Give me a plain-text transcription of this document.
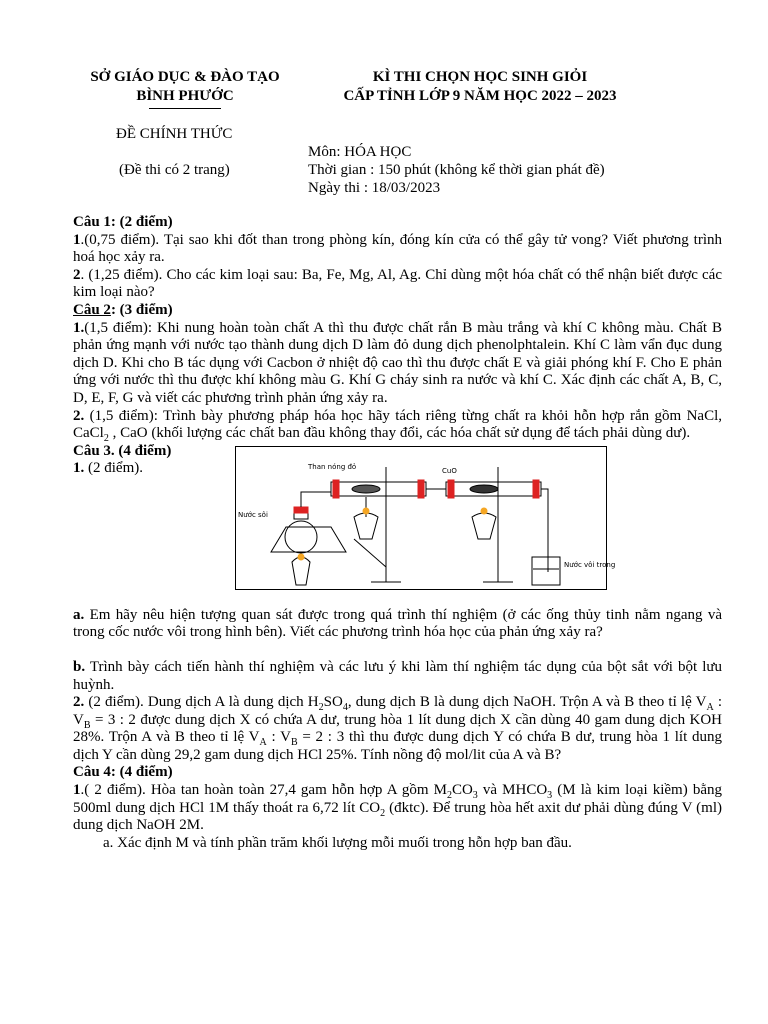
SỞ GIÁO DỤC & ĐÀO TẠO
BÌNH PHƯỚC
KÌ THI CHỌN HỌC SINH GIỎI
CẤP TỈNH LỚP 9 NĂM HỌC 2022 – 2023
ĐỀ CHÍNH THỨC
(Đề thi có 2 trang)
Môn: HÓA HỌC
Thời gian : 150 phút (không kể thời gian phát đề)
Ngày thi : 18/03/2023

Câu 1: (2 điểm)

1.(0,75 điểm). Tại sao khi đốt than trong phòng kín, đóng kín cửa có thể gây tử vong? Viết phương trình hoá học xảy ra.

2. (1,25 điểm). Cho các kim loại sau: Ba, Fe, Mg, Al, Ag. Chỉ dùng một hóa chất có thể nhận biết được các kim loại nào?

Câu 2: (3 điểm)

1.(1,5 điểm): Khi nung hoàn toàn chất A thì thu được chất rắn B màu trắng và khí C không màu. Chất B phản ứng mạnh với nước tạo thành dung dịch D làm đỏ dung dịch phenolphtalein. Khí C làm vẩn đục dung dịch D. Khi cho B tác dụng với Cacbon ở nhiệt độ cao thì thu được chất E và giải phóng khí F. Cho E phản ứng với nước thì thu được khí không màu G. Khí G cháy sinh ra nước và khí C. Xác định các chất A, B, C, D, E, F, G và viết các phương trình phản ứng xảy ra.

2. (1,5 điểm): Trình bày phương pháp hóa học hãy tách riêng từng chất ra khỏi hỗn hợp rắn gồm NaCl, CaCl$_2$ , CaO (khối lượng các chất ban đầu không thay đổi, các hóa chất sử dụng để tách phải dùng dư).

Câu 3. (4 điểm)

1. (2 điểm).	Than nóng đỏ	CuO
Nước sôi
Nước vôi trong

a. Em hãy nêu hiện tượng quan sát được trong quá trình thí nghiệm (ở các ống thủy tinh nằm ngang và trong cốc nước vôi trong hình bên). Viết các phương trình hóa học của phản ứng xảy ra?

b. Trình bày cách tiến hành thí nghiệm và các lưu ý khi làm thí nghiệm tác dụng của bột sắt với bột lưu huỳnh.

2. (2 điểm). Dung dịch A là dung dịch $H_2SO_4$, dung dịch B là dung dịch NaOH. Trộn A và B theo tỉ lệ $V_A$ : $V_B = 3$ : 2 được dung dịch X có chứa A dư, trung hòa 1 lít dung dịch X cần dùng 40 gam dung dịch KOH 28%. Trộn A và B theo tỉ lệ $V_A$ : $V_B = 2$ : 3 thì thu được dung dịch Y có chứa B dư, trung hòa 1 lít dung dịch Y cần dùng 29,2 gam dung dịch HCl 25%. Tính nồng độ mol/lit của A và B?

Câu 4: (4 điểm)

1.( 2 điểm). Hòa tan hoàn toàn 27,4 gam hỗn hợp A gồm $M_2CO_3$ và $MHCO_3$ (M là kim loại kiềm) bằng 500ml dung dịch HCl 1M thấy thoát ra 6,72 lít $CO_2$ (đktc). Để trung hòa hết axit dư phải dùng đúng V (ml) dung dịch NaOH 2M.

a. Xác định M và tính phần trăm khối lượng mỗi muối trong hỗn hợp ban đầu.
